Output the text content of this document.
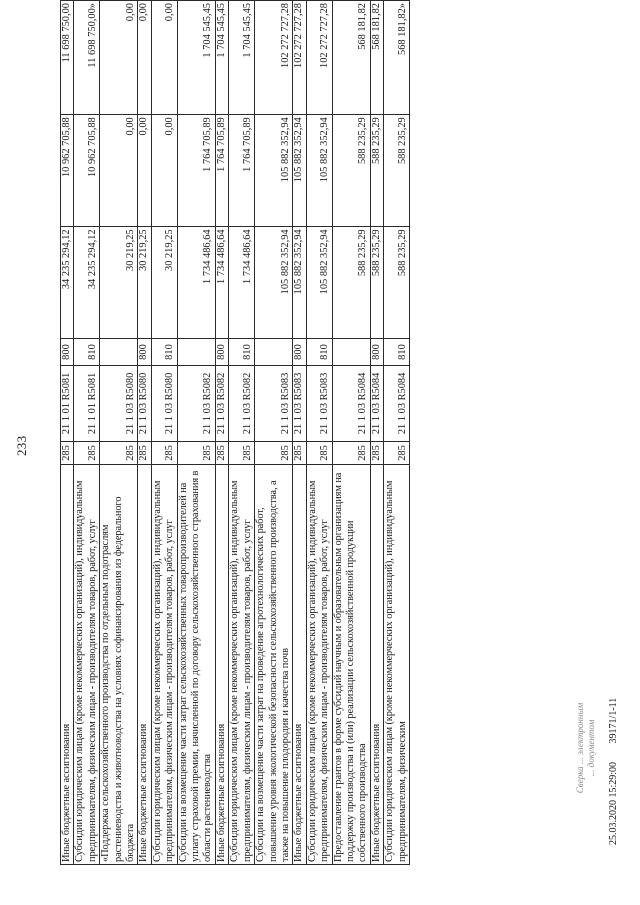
233
Иные бюджетные ассигнования	285	21 1 01 R5081	800	34 235 294,12	10 962 705,88	11 698 750,00
Субсидии юридическим лицам (кроме некоммерческих организаций), индивидуальным предпринимателям, физическим лицам - производителям товаров, работ, услуг	285	21 1 01 R5081	810	34 235 294,12	10 962 705,88	11 698 750,00»
«Поддержка сельскохозяйственного производства по отдельным подотраслям растениеводства и животноводства на условиях софинансирования из федерального бюджета	285	21 1 03 R5080		30 219,25	0,00	0,00
Иные бюджетные ассигнования	285	21 1 03 R5080	800	30 219,25	0,00	0,00
Субсидии юридическим лицам (кроме некоммерческих организаций), индивидуальным предпринимателям, физическим лицам - производителям товаров, работ, услуг	285	21 1 03 R5080	810	30 219,25	0,00	0,00
Субсидии на возмещение части затрат сельскохозяйственных товаропроизводителей на уплату страховой премии, начисленной по договору сельскохозяйственного страхования в области растениеводства	285	21 1 03 R5082		1 734 486,64	1 764 705,89	1 704 545,45
Иные бюджетные ассигнования	285	21 1 03 R5082	800	1 734 486,64	1 764 705,89	1 704 545,45
Субсидии юридическим лицам (кроме некоммерческих организаций), индивидуальным предпринимателям, физическим лицам - производителям товаров, работ, услуг	285	21 1 03 R5082	810	1 734 486,64	1 764 705,89	1 704 545,45
Субсидии на возмещение части затрат на проведение агротехнологических работ, повышение уровня экологической безопасности сельскохозяйственного производства, а также на повышение плодородия и качества почв	285	21 1 03 R5083		105 882 352,94	105 882 352,94	102 272 727,28
Иные бюджетные ассигнования	285	21 1 03 R5083	800	105 882 352,94	105 882 352,94	102 272 727,28
Субсидии юридическим лицам (кроме некоммерческих организаций), индивидуальным предпринимателям, физическим лицам - производителям товаров, работ, услуг	285	21 1 03 R5083	810	105 882 352,94	105 882 352,94	102 272 727,28
Предоставление грантов в форме субсидий научным и образовательным организациям на поддержку производства и (или) реализации сельскохозяйственной продукции собственного производства	285	21 1 03 R5084		588 235,29	588 235,29	568 181,82
Иные бюджетные ассигнования	285	21 1 03 R5084	800	588 235,29	588 235,29	568 181,82
Субсидии юридическим лицам (кроме некоммерческих организаций), индивидуальным предпринимателям, физическим	285	21 1 03 R5084	810	588 235,29	588 235,29	568 181,82»
Сверка ... электронным ... документом
25.03.2020 15:29:00 39171/1-11
